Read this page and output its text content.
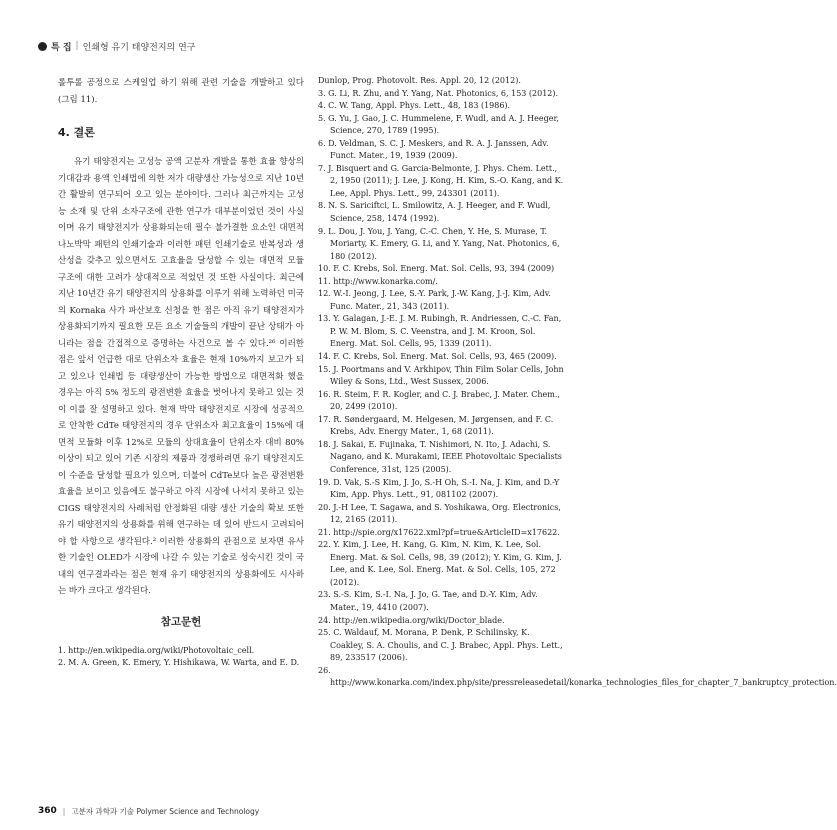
특 집 | 인쇄형 유기 태양전지의 연구

롤투롤 공정으로 스케일업 하기 위해 관련 기술을 개발하고 있다(그림 11).

4. 결론

유기 태양전지는 고성능 공액 고분자 개발을 통한 효율 향상의 기대감과 용액 인쇄법에 의한 저가 대량생산 가능성으로 지난 10년간 활발히 연구되어 오고 있는 분야이다. 그러나 최근까지는 고성능 소재 및 단위 소자구조에 관한 연구가 대부분이었던 것이 사실이며 유기 태양전지가 상용화되는데 필수 불가결한 요소인 대면적 나노박막 패턴의 인쇄기술과 이러한 패턴 인쇄기술로 반복성과 생산성을 갖추고 있으면서도 고효율을 달성할 수 있는 대면적 모듈 구조에 대한 고려가 상대적으로 적었던 것 또한 사실이다. 최근에 지난 10년간 유기 태양전지의 상용화를 이루기 위해 노력하던 미국의 Kornaka 사가 파산보호 신청을 한 점은 아직 유기 태양전지가 상용화되기까지 필요한 모든 요소 기술들의 개발이 끝난 상태가 아니라는 점을 간접적으로 증명하는 사건으로 볼 수 있다.²⁶ 이러한 점은 앞서 언급한 대로 단위소자 효율은 현재 10%까지 보고가 되고 있으나 인쇄법 등 대량생산이 가능한 방법으로 대면적화 했을 경우는 아직 5% 정도의 광전변환 효율을 벗어나지 못하고 있는 것이 이를 잘 설명하고 있다. 현재 박막 태양전지로 시장에 성공적으로 안착한 CdTe 태양전지의 경우 단위소자 최고효율이 15%에 대면적 모듈화 이후 12%로 모듈의 상대효율이 단위소자 대비 80% 이상이 되고 있어 기존 시장의 제품과 경쟁하려면 유기 태양전지도 이 수준을 달성할 필요가 있으며, 더불어 CdTe보다 높은 광전변환 효율을 보이고 있음에도 불구하고 아직 시장에 나서지 못하고 있는 CIGS 태양전지의 사례처럼 안정화된 대량 생산 기술의 확보 또한 유기 태양전지의 상용화를 위해 연구하는 데 있어 반드시 고려되어야 할 사항으로 생각된다.² 이러한 상용화의 관점으로 보자면 유사한 기술인 OLED가 시장에 나갈 수 있는 기술로 성숙시킨 것이 국내의 연구결과라는 점은 현재 유기 태양전지의 상용화에도 시사하는 바가 크다고 생각된다.

참고문헌
1. http://en.wikipedia.org/wiki/Photovoltaic_cell.
2. M. A. Green, K. Emery, Y. Hishikawa, W. Warta, and E. D.
Dunlop, Prog. Photovolt. Res. Appl. 20, 12 (2012).
3. G. Li, R. Zhu, and Y. Yang, Nat. Photonics, 6, 153 (2012).
4. C. W. Tang, Appl. Phys. Lett., 48, 183 (1986).
5. G. Yu, J. Gao, J. C. Hummelene, F. Wudl, and A. J. Heeger, Science, 270, 1789 (1995).
6. D. Veldman, S. C. J. Meskers, and R. A. J. Janssen, Adv. Funct. Mater., 19, 1939 (2009).
7. J. Bisquert and G. Garcia-Belmonte, J. Phys. Chem. Lett., 2, 1950 (2011); J. Lee, J. Kong, H. Kim, S.-O. Kang, and K. Lee, Appl. Phys. Lett., 99, 243301 (2011).
8. N. S. Sariciftci, L. Smilowitz, A. J. Heeger, and F. Wudl, Science, 258, 1474 (1992).
9. L. Dou, J. You, J. Yang, C.-C. Chen, Y. He, S. Murase, T. Moriarty, K. Emery, G. Li, and Y. Yang, Nat. Photonics, 6, 180 (2012).
10. F. C. Krebs, Sol. Energ. Mat. Sol. Cells, 93, 394 (2009)
11. http://www.konarka.com/.
12. W.-I. Jeong, J. Lee, S.-Y. Park, J.-W. Kang, J.-J. Kim, Adv. Func. Mater., 21, 343 (2011).
13. Y. Galagan, J.-E. J. M. Rubingh, R. Andriessen, C.-C. Fan, P. W. M. Blom, S. C. Veenstra, and J. M. Kroon, Sol. Energ. Mat. Sol. Cells, 95, 1339 (2011).
14. F. C. Krebs, Sol. Energ. Mat. Sol. Cells, 93, 465 (2009).
15. J. Poortmans and V. Arkhipov, Thin Film Solar Cells, John Wiley & Sons, Ltd., West Sussex, 2006.
16. R. Steim, F. R. Kogler, and C. J. Brabec, J. Mater. Chem., 20, 2499 (2010).
17. R. Søndergaard, M. Helgesen, M. Jørgensen, and F. C. Krebs, Adv. Energy Mater., 1, 68 (2011).
18. J. Sakai, E. Fujinaka, T. Nishimori, N. Ito, J. Adachi, S. Nagano, and K. Murakami, IEEE Photovoltaic Specialists Conference, 31st, 125 (2005).
19. D. Vak, S.-S Kim, J. Jo, S.-H Oh, S.-I. Na, J. Kim, and D.-Y Kim, App. Phys. Lett., 91, 081102 (2007).
20. J.-H Lee, T. Sagawa, and S. Yoshikawa, Org. Electronics, 12, 2165 (2011).
21. http://spie.org/x17622.xml?pf=true&ArticleID=x17622.
22. Y. Kim, J. Lee, H. Kang, G. Kim, N. Kim, K. Lee, Sol. Energ. Mat. & Sol. Cells, 98, 39 (2012); Y. Kim, G. Kim, J. Lee, and K. Lee, Sol. Energ. Mat. & Sol. Cells, 105, 272 (2012).
23. S.-S. Kim, S.-I. Na, J. Jo, G. Tae, and D.-Y. Kim, Adv. Mater., 19, 4410 (2007).
24. http://en.wikipedia.org/wiki/Doctor_blade.
25. C. Waldauf, M. Morana, P. Denk, P. Schilinsky, K. Coakley, S. A. Choulis, and C. J. Brabec, Appl. Phys. Lett., 89, 233517 (2006).
26. http://www.konarka.com/index.php/site/pressreleasedetail/konarka_technologies_files_for_chapter_7_bankruptcy_protection.
360 | 고분자 과학과 기술 Polymer Science and Technology
